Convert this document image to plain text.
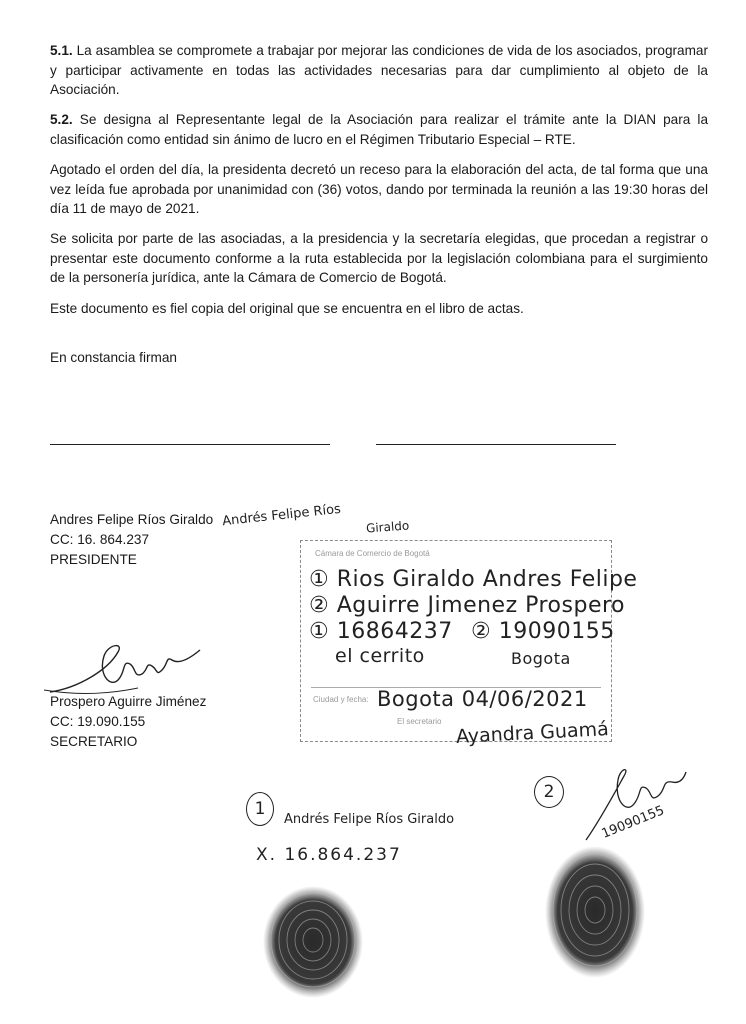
5.1. La asamblea se compromete a trabajar por mejorar las condiciones de vida de los asociados, programar y participar activamente en todas las actividades necesarias para dar cumplimiento al objeto de la Asociación.

5.2. Se designa al Representante legal de la Asociación para realizar el trámite ante la DIAN para la clasificación como entidad sin ánimo de lucro en el Régimen Tributario Especial – RTE.

Agotado el orden del día, la presidenta decretó un receso para la elaboración del acta, de tal forma que una vez leída fue aprobada por unanimidad con (36) votos, dando por terminada la reunión a las 19:30 horas del día 11 de mayo de 2021.

Se solicita por parte de las asociadas, a la presidencia y la secretaría elegidas, que procedan a registrar o presentar este documento conforme a la ruta establecida por la legislación colombiana para el surgimiento de la personería jurídica, ante la Cámara de Comercio de Bogotá.

Este documento es fiel copia del original que se encuentra en el libro de actas.

En constancia firman

Andres Felipe Ríos Giraldo
CC: 16. 864.237
PRESIDENTE
Andrés Felipe Ríos Giraldo
Prospero Aguirre Jiménez
CC: 19.090.155
SECRETARIO
Cámara de Comercio de Bogotá
① Rios Giraldo Andres Felipe
② Aguirre Jimenez Prospero
① 16864237 ② 19090155
el cerrito	Bogota
Ciudad y fecha: Bogota 04/06/2021
El secretario Ayandra Guamá
1
Andrés Felipe Ríos Giraldo
X. 16.864.237
2
19090155
